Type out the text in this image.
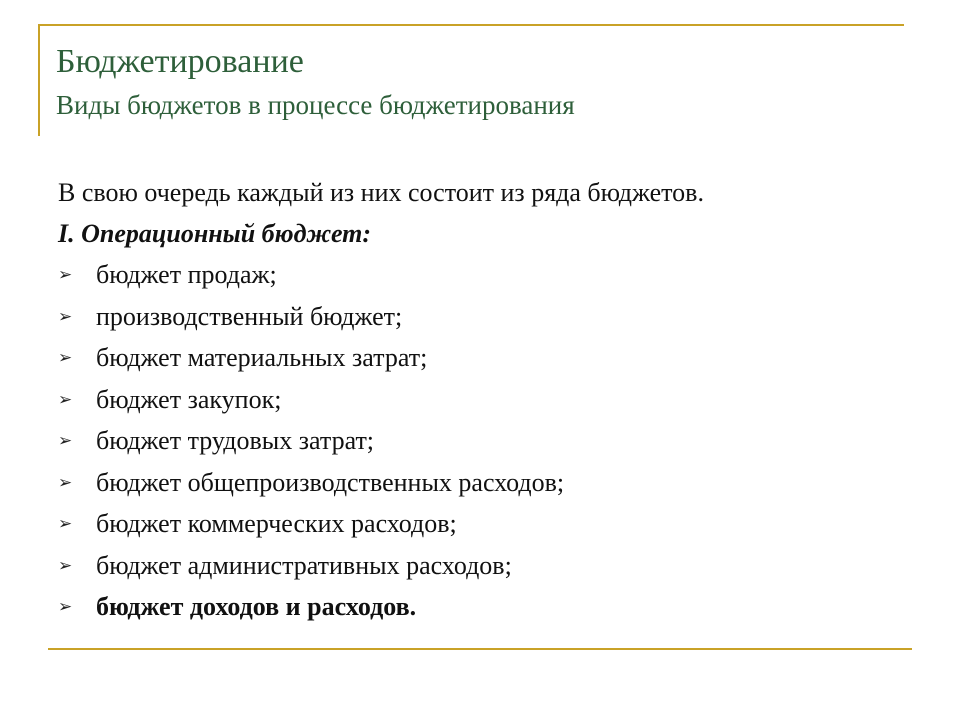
Бюджетирование
Виды бюджетов в процессе бюджетирования
В свою очередь каждый из них состоит из ряда бюджетов.
I. Операционный бюджет:
➢ бюджет продаж;
➢ производственный бюджет;
➢ бюджет материальных затрат;
➢ бюджет закупок;
➢ бюджет трудовых затрат;
➢ бюджет общепроизводственных расходов;
➢ бюджет коммерческих расходов;
➢ бюджет административных расходов;
➢ бюджет доходов и расходов.
